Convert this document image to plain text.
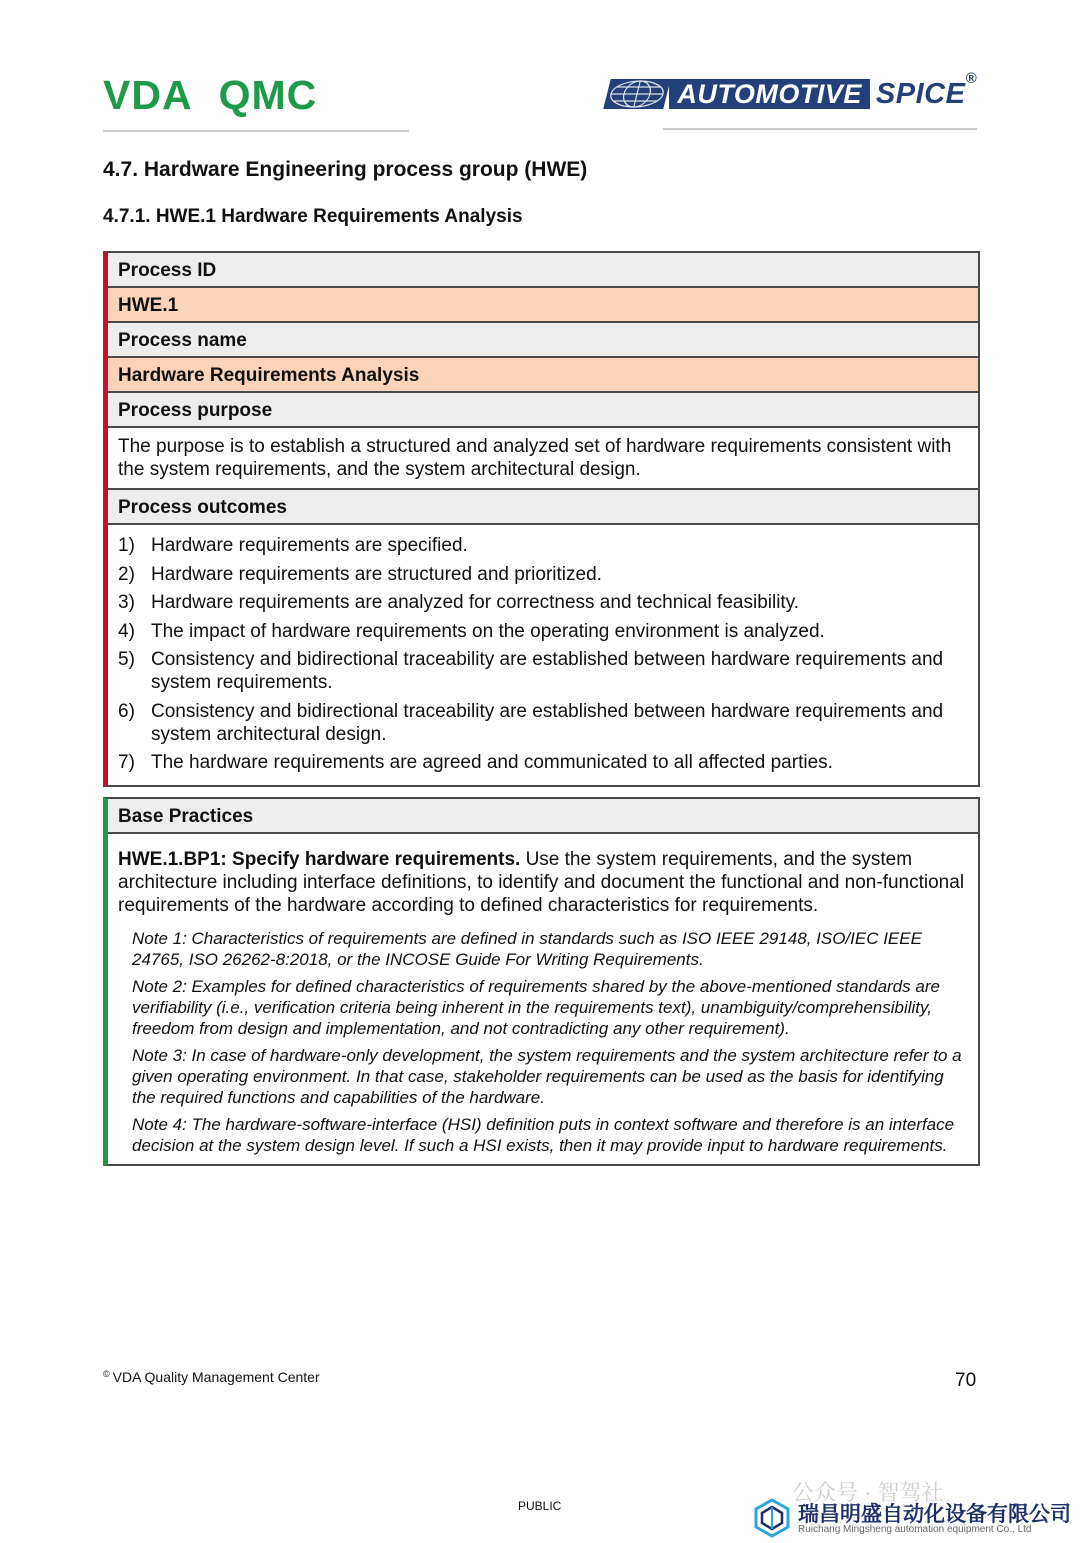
VDA QMC	AUTOMOTIVE SPICE®
4.7. Hardware Engineering process group (HWE)
4.7.1. HWE.1 Hardware Requirements Analysis
Process ID
HWE.1
Process name
Hardware Requirements Analysis
Process purpose
The purpose is to establish a structured and analyzed set of hardware requirements consistent with the system requirements, and the system architectural design.
Process outcomes
1) Hardware requirements are specified.
2) Hardware requirements are structured and prioritized.
3) Hardware requirements are analyzed for correctness and technical feasibility.
4) The impact of hardware requirements on the operating environment is analyzed.
5) Consistency and bidirectional traceability are established between hardware requirements and system requirements.
6) Consistency and bidirectional traceability are established between hardware requirements and system architectural design.
7) The hardware requirements are agreed and communicated to all affected parties.
Base Practices
HWE.1.BP1: Specify hardware requirements. Use the system requirements, and the system architecture including interface definitions, to identify and document the functional and non-functional requirements of the hardware according to defined characteristics for requirements.
Note 1: Characteristics of requirements are defined in standards such as ISO IEEE 29148, ISO/IEC IEEE 24765, ISO 26262-8:2018, or the INCOSE Guide For Writing Requirements.
Note 2: Examples for defined characteristics of requirements shared by the above-mentioned standards are verifiability (i.e., verification criteria being inherent in the requirements text), unambiguity/comprehensibility, freedom from design and implementation, and not contradicting any other requirement).
Note 3: In case of hardware-only development, the system requirements and the system architecture refer to a given operating environment. In that case, stakeholder requirements can be used as the basis for identifying the required functions and capabilities of the hardware.
Note 4: The hardware-software-interface (HSI) definition puts in context software and therefore is an interface decision at the system design level. If such a HSI exists, then it may provide input to hardware requirements.
© VDA Quality Management Center	70
PUBLIC
公众号 · 智驾社
瑞昌明盛自动化设备有限公司
Ruichang Mingsheng automation equipment Co., Ltd
